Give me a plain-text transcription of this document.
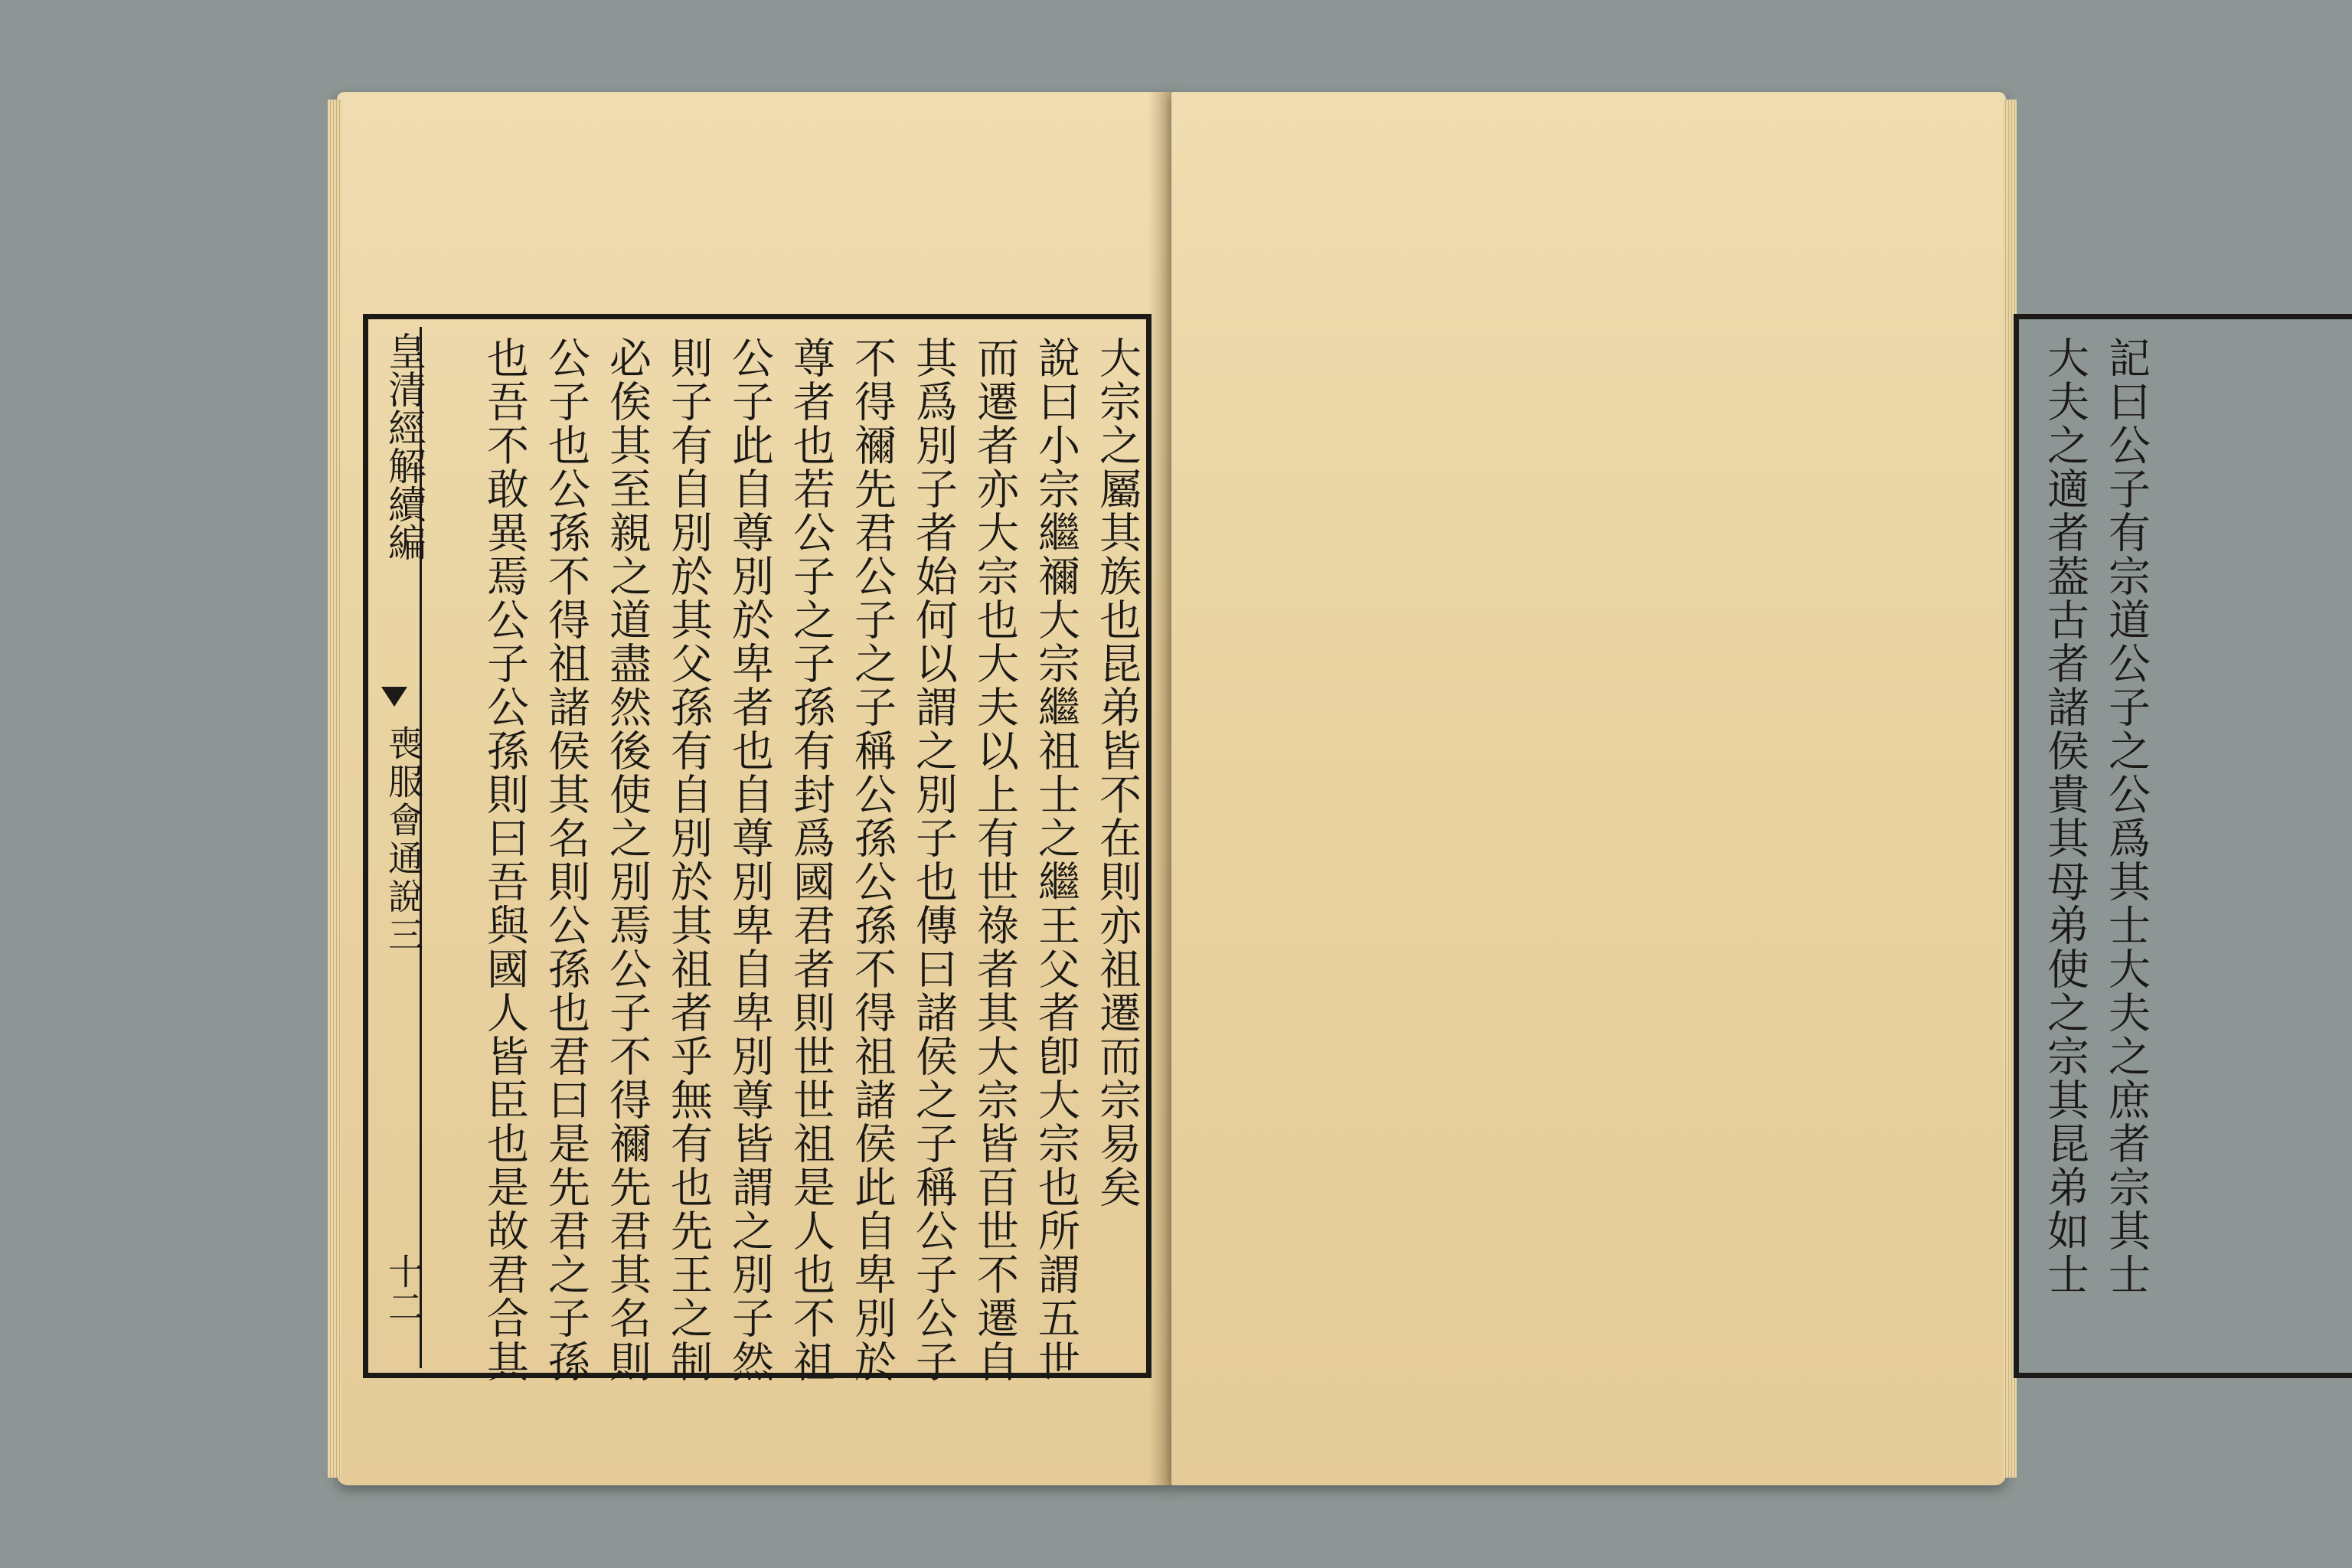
大宗之屬其族也昆弟皆不在則亦祖遷而宗易矣
說曰小宗繼禰大宗繼祖士之繼王父者卽大宗也所謂五世
而遷者亦大宗也大夫以上有世祿者其大宗皆百世不遷自
其爲別子者始何以謂之別子也傳曰諸侯之子稱公子公子
不得禰先君公子之子稱公孫公孫不得祖諸侯此自卑別於
尊者也若公子之子孫有封爲國君者則世世祖是人也不祖
公子此自尊別於卑者也自尊別卑自卑別尊皆謂之別子然
則子有自別於其父孫有自別於其祖者乎無有也先王之制
必俟其至親之道盡然後使之別焉公子不得禰先君其名則
公子也公孫不得祖諸侯其名則公孫也君曰是先君之子孫
也吾不敢異焉公子公孫則曰吾與國人皆臣也是故君合其
皇清經解續編
喪服會通說三
十二	記曰公子有宗道公子之公爲其士大夫之庶者宗其士
大夫之適者葢古者諸侯貴其母弟使之宗其昆弟如士
